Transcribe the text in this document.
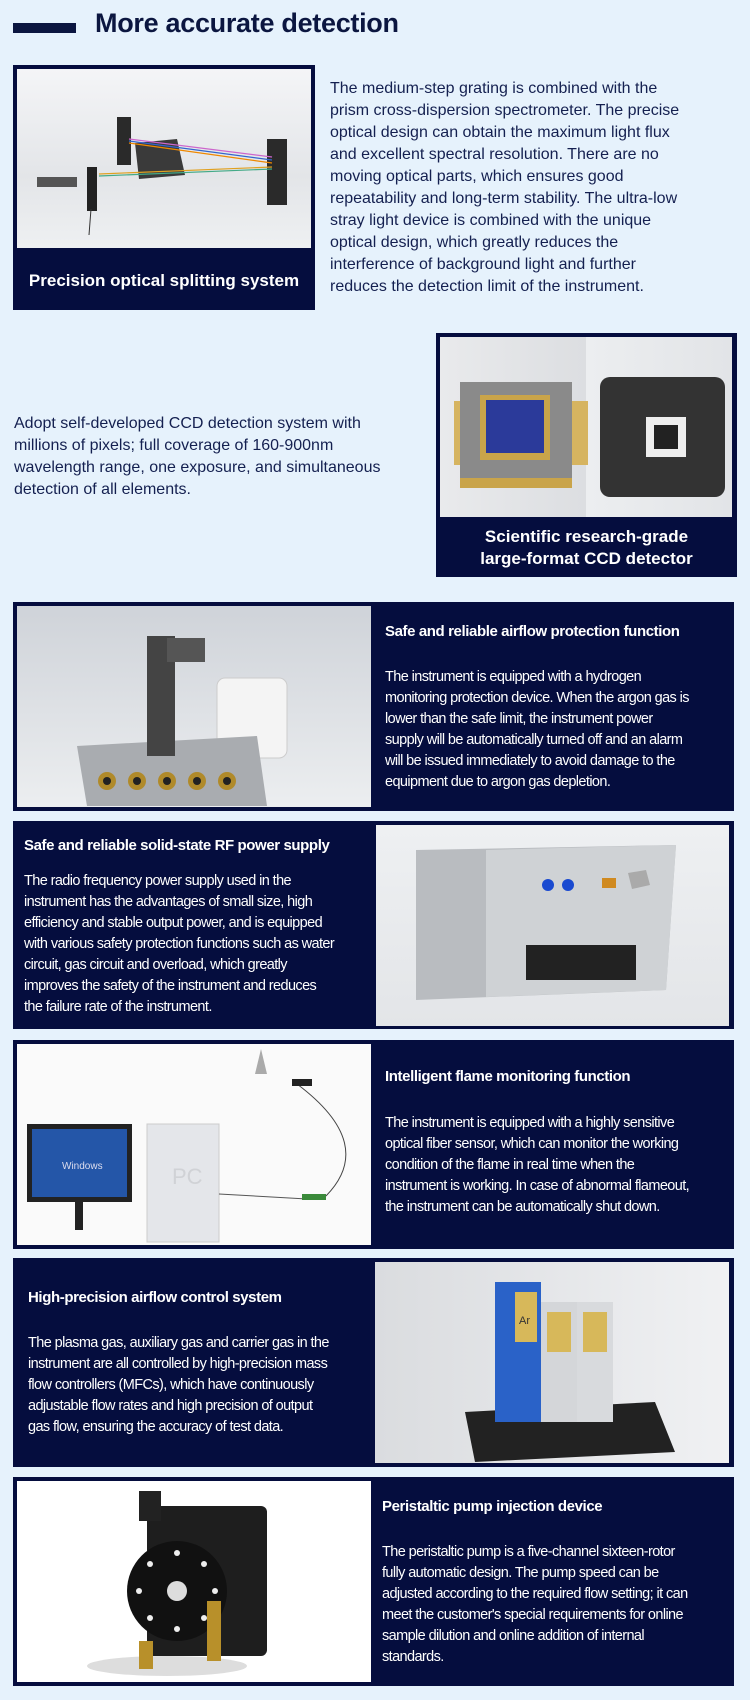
More accurate detection
Precision optical splitting system
The medium-step grating is combined with the
prism cross-dispersion spectrometer. The precise
optical design can obtain the maximum light flux
and excellent spectral resolution. There are no
moving optical parts, which ensures good
repeatability and long-term stability. The ultra-low
stray light device is combined with the unique
optical design, which greatly reduces the
interference of background light and further
reduces the detection limit of the instrument.
Adopt self-developed CCD detection system with
millions of pixels; full coverage of 160-900nm
wavelength range, one exposure, and simultaneous
detection of all elements.
Scientific research-grade
large-format CCD detector
Safe and reliable airflow protection function
The instrument is equipped with a hydrogen
monitoring protection device. When the argon gas is
lower than the safe limit, the instrument power
supply will be automatically turned off and an alarm
will be issued immediately to avoid damage to the
equipment due to argon gas depletion.
Safe and reliable solid-state RF power supply
The radio frequency power supply used in the
instrument has the advantages of small size, high
efficiency and stable output power, and is equipped
with various safety protection functions such as water
circuit, gas circuit and overload, which greatly
improves the safety of the instrument and reduces
the failure rate of the instrument.
Windows	PC
Intelligent flame monitoring function
The instrument is equipped with a highly sensitive
optical fiber sensor, which can monitor the working
condition of the flame in real time when the
instrument is working. In case of abnormal flameout,
the instrument can be automatically shut down.
High-precision airflow control system
The plasma gas, auxiliary gas and carrier gas in the
instrument are all controlled by high-precision mass
flow controllers (MFCs), which have continuously
adjustable flow rates and high precision of output
gas flow, ensuring the accuracy of test data.
Ar
Peristaltic pump injection device
The peristaltic pump is a five-channel sixteen-rotor
fully automatic design. The pump speed can be
adjusted according to the required flow setting; it can
meet the customer's special requirements for online
sample dilution and online addition of internal
standards.
